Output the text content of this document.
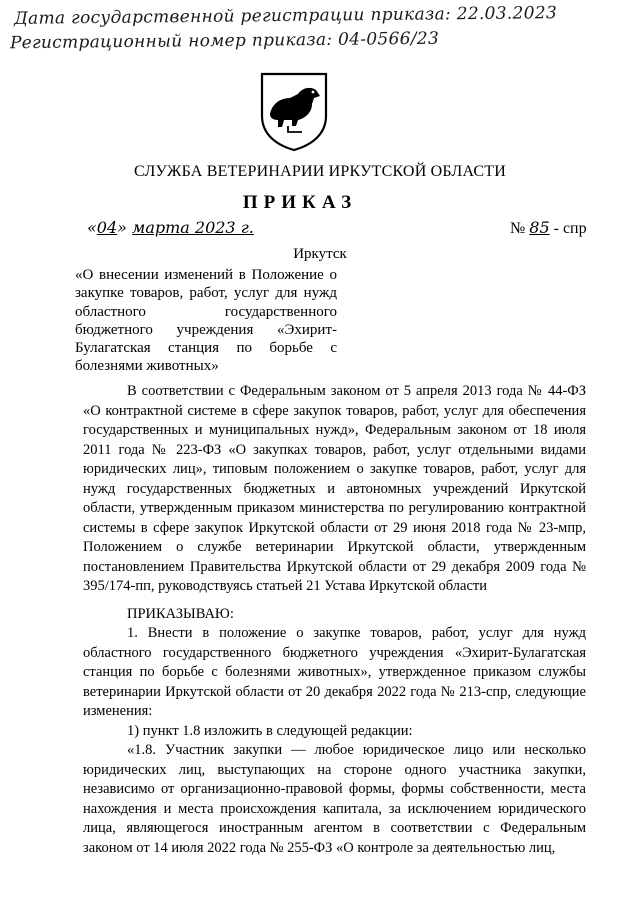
Дата государственной регистрации приказа: 22.03.2023
Регистрационный номер приказа: 04-0566/23
СЛУЖБА ВЕТЕРИНАРИИ ИРКУТСКОЙ ОБЛАСТИ
ПРИКАЗ
«04» марта 2023 г.	№ 85 - спр
Иркутск
«О внесении изменений в Положение о закупке товаров, работ, услуг для нужд областного государственного бюджетного учреждения «Эхирит-Булагатская станция по борьбе с болезнями животных»

В соответствии с Федеральным законом от 5 апреля 2013 года № 44-ФЗ «О контрактной системе в сфере закупок товаров, работ, услуг для обеспечения государственных и муниципальных нужд», Федеральным законом от 18 июля 2011 года № 223-ФЗ «О закупках товаров, работ, услуг отдельными видами юридических лиц», типовым положением о закупке товаров, работ, услуг для нужд государственных бюджетных и автономных учреждений Иркутской области, утвержденным приказом министерства по регулированию контрактной системы в сфере закупок Иркутской области от 29 июня 2018 года № 23-мпр, Положением о службе ветеринарии Иркутской области, утвержденным постановлением Правительства Иркутской области от 29 декабря 2009 года № 395/174-пп, руководствуясь статьей 21 Устава Иркутской области

ПРИКАЗЫВАЮ:

1. Внести в положение о закупке товаров, работ, услуг для нужд областного государственного бюджетного учреждения «Эхирит-Булагатская станция по борьбе с болезнями животных», утвержденное приказом службы ветеринарии Иркутской области от 20 декабря 2022 года № 213-спр, следующие изменения:

1) пункт 1.8 изложить в следующей редакции:

«1.8. Участник закупки — любое юридическое лицо или несколько юридических лиц, выступающих на стороне одного участника закупки, независимо от организационно-правовой формы, формы собственности, места нахождения и места происхождения капитала, за исключением юридического лица, являющегося иностранным агентом в соответствии с Федеральным законом от 14 июля 2022 года № 255-ФЗ «О контроле за деятельностью лиц,
